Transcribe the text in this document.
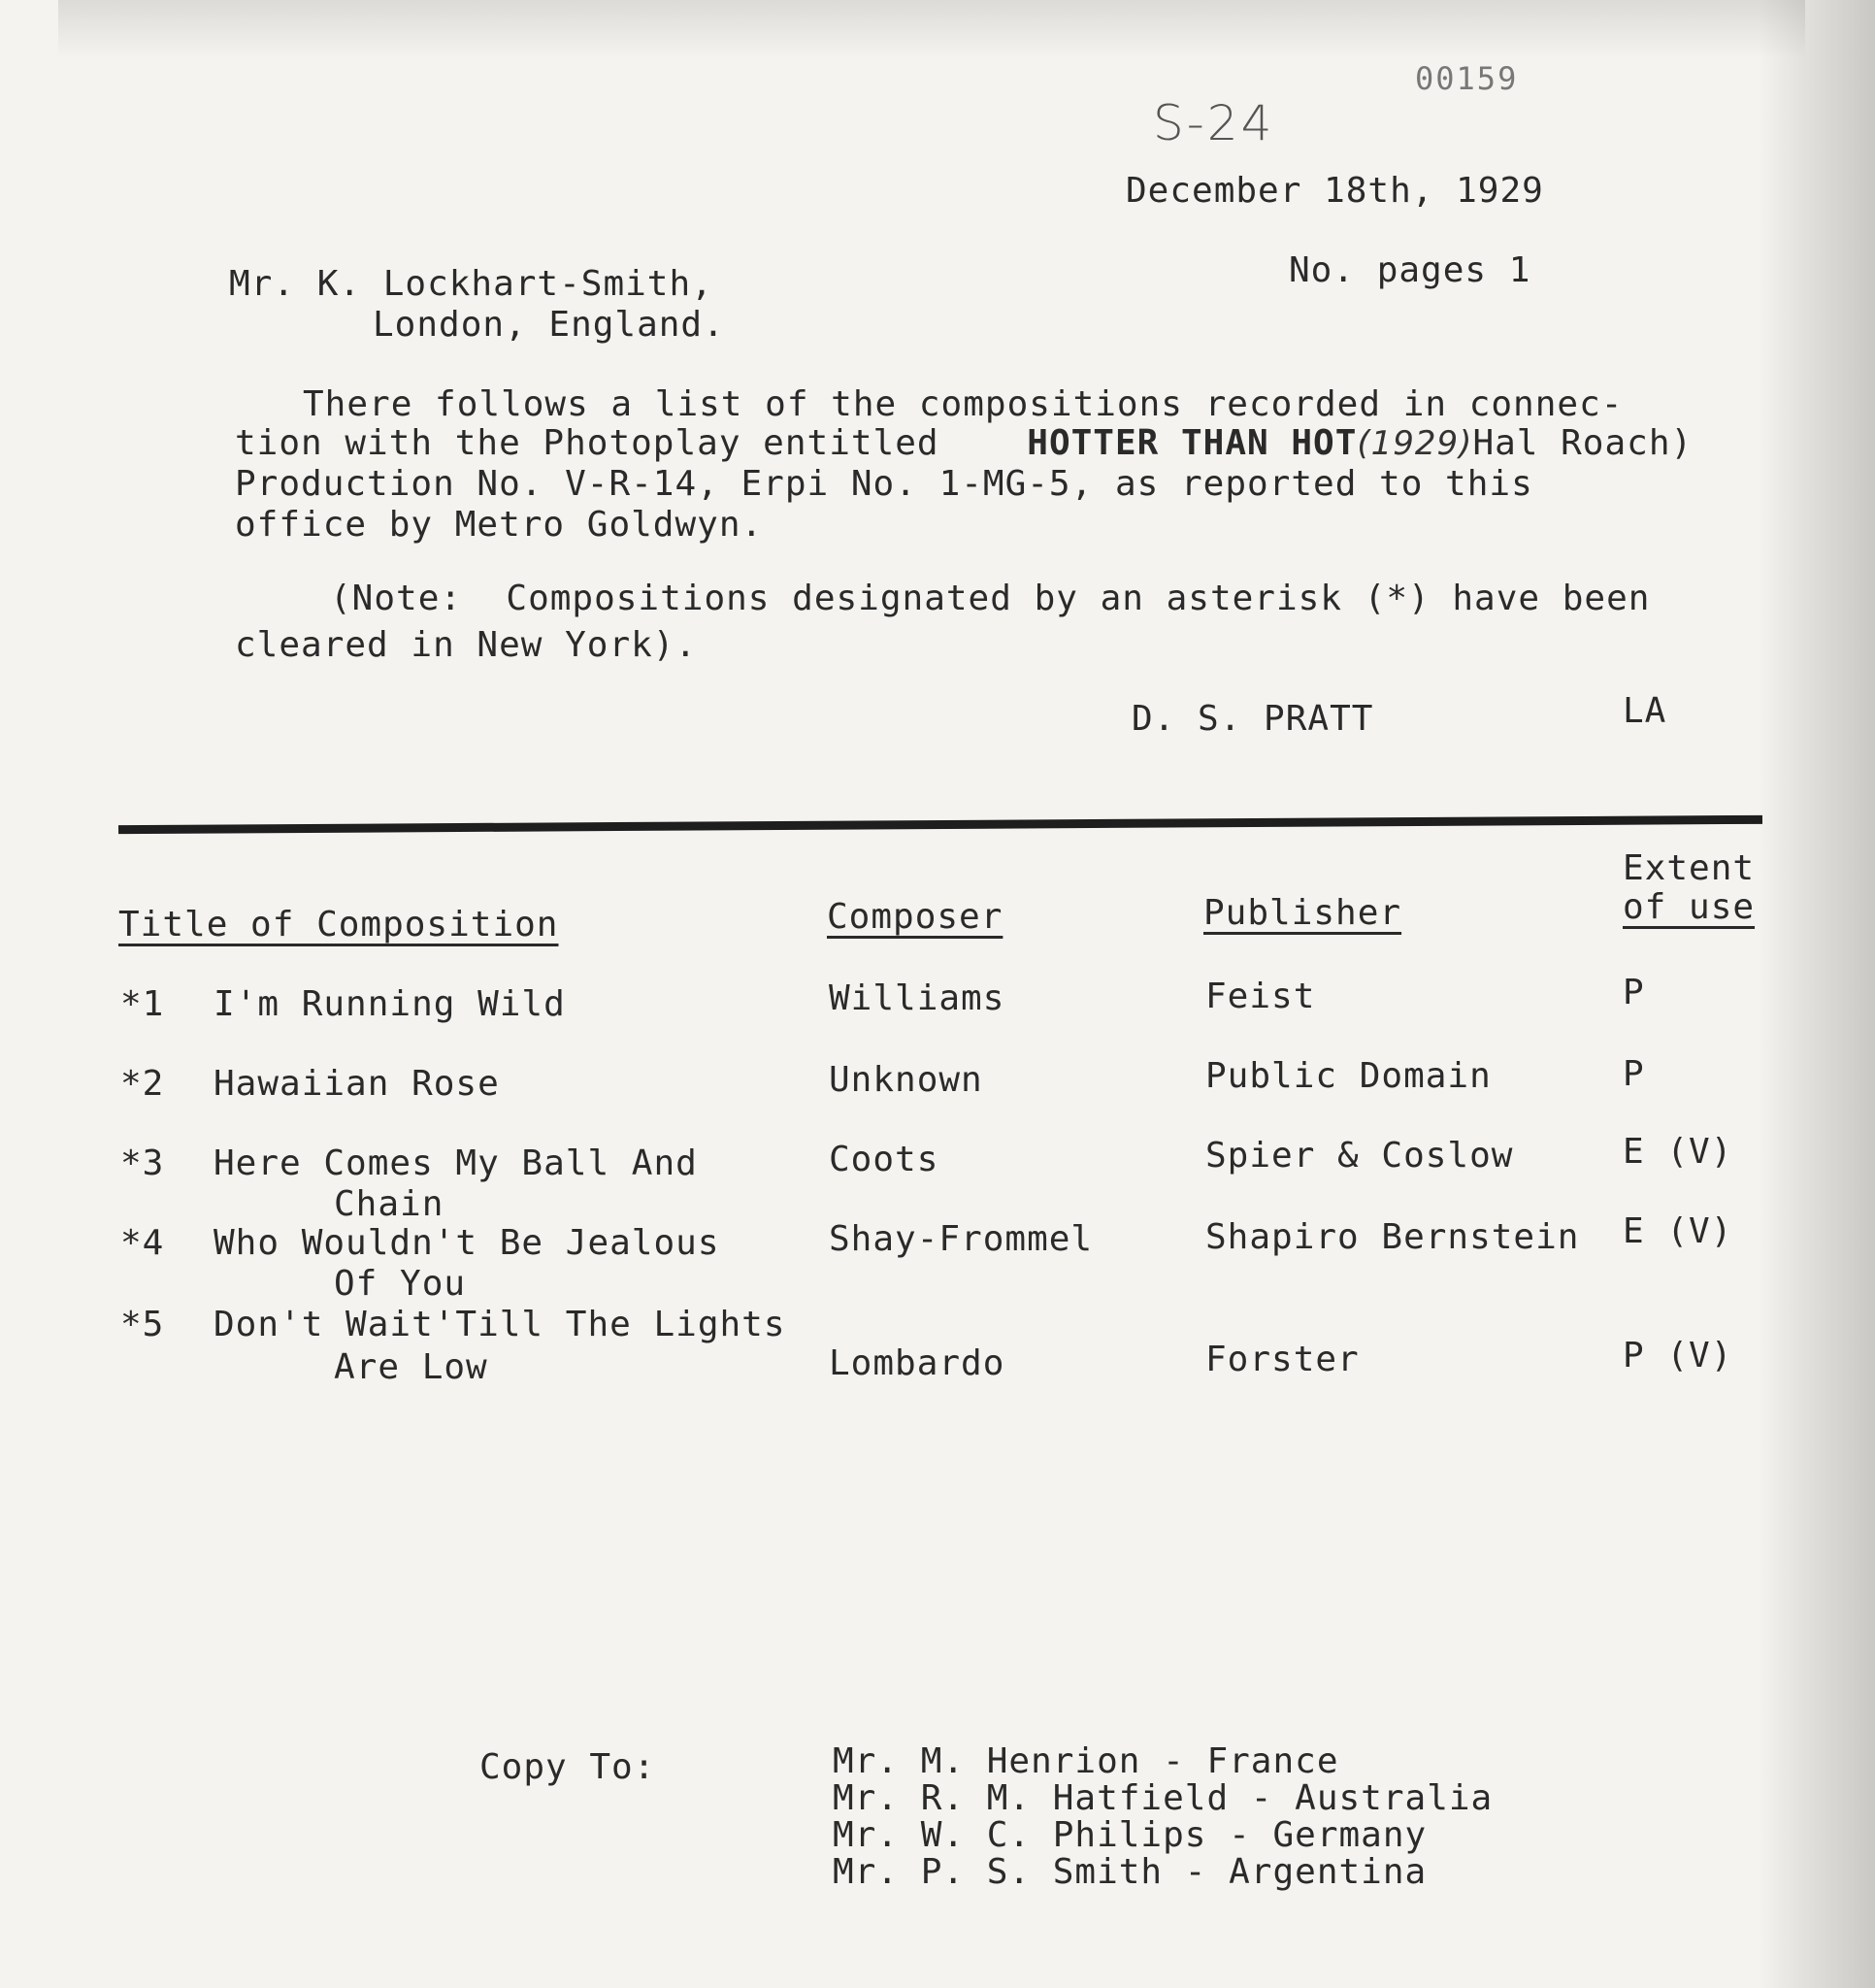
00159
S-24
December 18th, 1929
No. pages 1
Mr. K. Lockhart-Smith,
London, England.
There follows a list of the compositions recorded in connec-
tion with the Photoplay entitled	HOTTER THAN HOT(1929)Hal Roach)
Production No. V-R-14, Erpi No. 1-MG-5, as reported to this
office by Metro Goldwyn.
(Note:  Compositions designated by an asterisk (*) have been
cleared in New York).
D. S. PRATT	LA
Extent
Title of Composition	Composer	Publisher	of use
*1 I'm Running Wild	Williams	Feist	P
*2 Hawaiian Rose	Unknown	Public Domain	P
*3 Here Comes My Ball And
Chain
Coots	Spier & Coslow	E (V)
*4 Who Wouldn't Be Jealous
Of You
Shay-Frommel	Shapiro Bernstein E (V)
*5 Don't Wait'Till The Lights
Are Low	Lombardo	Forster	P (V)
Copy To:	Mr. M. Henrion - France
Mr. R. M. Hatfield - Australia
Mr. W. C. Philips - Germany
Mr. P. S. Smith - Argentina
